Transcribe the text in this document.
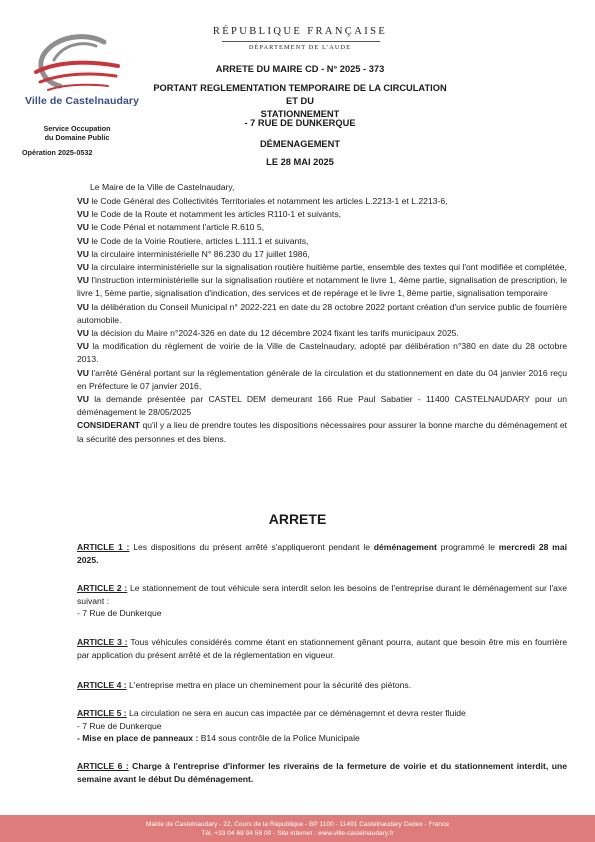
Ville de Castelnaudary
Service Occupation
du Domaine Public
Opération 2025-0532
RÉPUBLIQUE FRANÇAISE
DÉPARTEMENT DE L'AUDE
ARRETE DU MAIRE CD - N° 2025 - 373
PORTANT REGLEMENTATION TEMPORAIRE DE LA CIRCULATION ET DU
STATIONNEMENT
- 7 RUE DE DUNKERQUE
DÉMENAGEMENT
LE 28 MAI 2025
Le Maire de la Ville de Castelnaudary,

VU le Code Général des Collectivités Territoriales et notamment les articles L.2213-1 et L.2213-6,

VU le Code de la Route et notamment les articles R110-1 et suivants,

VU le Code Pénal et notamment l'article R.610 5,

VU le Code de la Voirie Routiere, articles L.111.1 et suivants,

VU la circulaire interministérielle N° 86.230 du 17 juillet 1986,

VU la circulaire interministérielle sur la signalisation routière huitième partie, ensemble des textes qui l'ont modifiée et complétée,

VU l'instruction interministérielle sur la signalisation routière et notamment le livre 1, 4ème partie, signalisation de prescription, le livre 1, 5ème partie, signalisation d'indication, des services et de repérage et le livre 1, 8ème partie, signalisation temporaire

VU la délibération du Conseil Municipal n° 2022-221 en date du 28 octobre 2022 portant création d'un service public de fourrière automobile.

VU la décision du Maire n°2024-326 en date du 12 décembre 2024 fixant les tarifs municipaux 2025.

VU la modification du règlement de voirie de la Ville de Castelnaudary, adopté par délibération n°380 en date du 28 octobre 2013.

VU l'arrêté Général portant sur la règlementation générale de la circulation et du stationnement en date du 04 janvier 2016 reçu en Préfecture le 07 janvier 2016,

VU la demande présentée par CASTEL DEM demeurant 166 Rue Paul Sabatier - 11400 CASTELNAUDARY pour un déménagement le 28/05/2025

CONSIDERANT qu'il y a lieu de prendre toutes les dispositions nécessaires pour assurer la bonne marche du déménagement et la sécurité des personnes et des biens.

ARRETE
ARTICLE 1 : Les dispositions du présent arrêté s'appliqueront pendant le déménagement programmé le mercredi 28 mai 2025.
ARTICLE 2 : Le stationnement de tout véhicule sera interdit selon les besoins de l'entreprise durant le déménagement sur l'axe suivant :
- 7 Rue de Dunkerque
ARTICLE 3 : Tous véhicules considérés comme étant en stationnement gênant pourra, autant que besoin être mis en fourrière par application du présent arrêté et de la réglementation en vigueur.
ARTICLE 4 : L'entreprise mettra en place un cheminement pour la sécurité des piétons.
ARTICLE 5 : La circulation ne sera en aucun cas impactée par ce déménagemnt et devra rester fluide
- 7 Rue de Dunkerque
- Mise en place de panneaux : B14 sous contrôle de la Police Municipale
ARTICLE 6 : Charge à l'entreprise d'informer les riverains de la fermeture de voirie et du stationnement interdit, une semaine avant le début Du déménagement.
Mairie de Castelnaudary - 22, Cours de la République - BP 1100 - 11491 Castelnaudary Cedex - France
Tél. +33 04 68 94 58 00 - Site internet : www.ville-castelnaudary.fr
